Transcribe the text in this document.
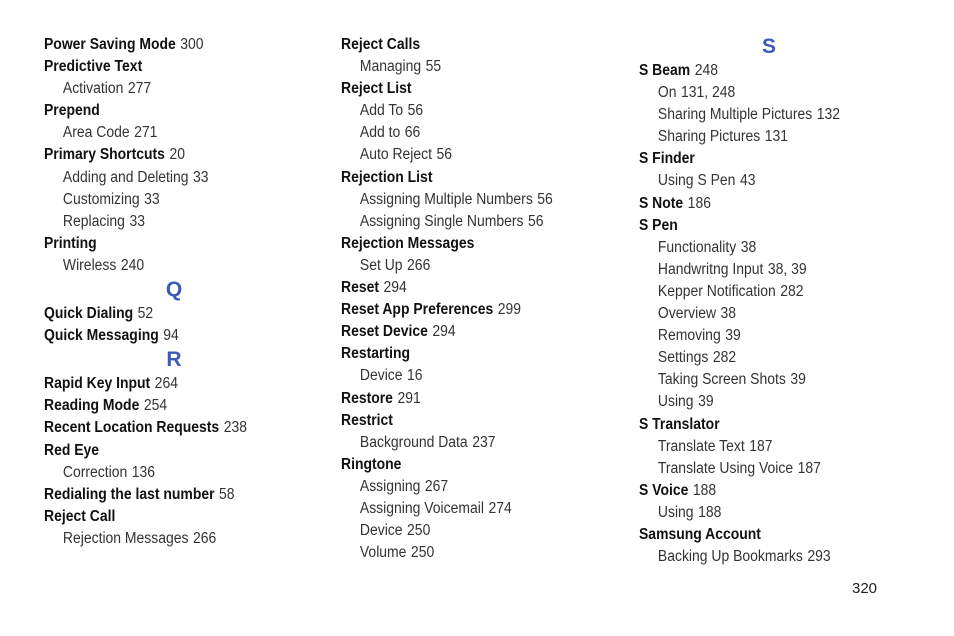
Power Saving Mode 300
Predictive Text
Activation 277
Prepend
Area Code 271
Primary Shortcuts 20
Adding and Deleting 33
Customizing 33
Replacing 33
Printing
Wireless 240
Q
Quick Dialing 52
Quick Messaging 94
R
Rapid Key Input 264
Reading Mode 254
Recent Location Requests 238
Red Eye
Correction 136
Redialing the last number 58
Reject Call
Rejection Messages 266
Reject Calls
Managing 55
Reject List
Add To 56
Add to 66
Auto Reject 56
Rejection List
Assigning Multiple Numbers 56
Assigning Single Numbers 56
Rejection Messages
Set Up 266
Reset 294
Reset App Preferences 299
Reset Device 294
Restarting
Device 16
Restore 291
Restrict
Background Data 237
Ringtone
Assigning 267
Assigning Voicemail 274
Device 250
Volume 250
S
S Beam 248
On 131, 248
Sharing Multiple Pictures 132
Sharing Pictures 131
S Finder
Using S Pen 43
S Note 186
S Pen
Functionality 38
Handwritng Input 38, 39
Kepper Notification 282
Overview 38
Removing 39
Settings 282
Taking Screen Shots 39
Using 39
S Translator
Translate Text 187
Translate Using Voice 187
S Voice 188
Using 188
Samsung Account
Backing Up Bookmarks 293
320
